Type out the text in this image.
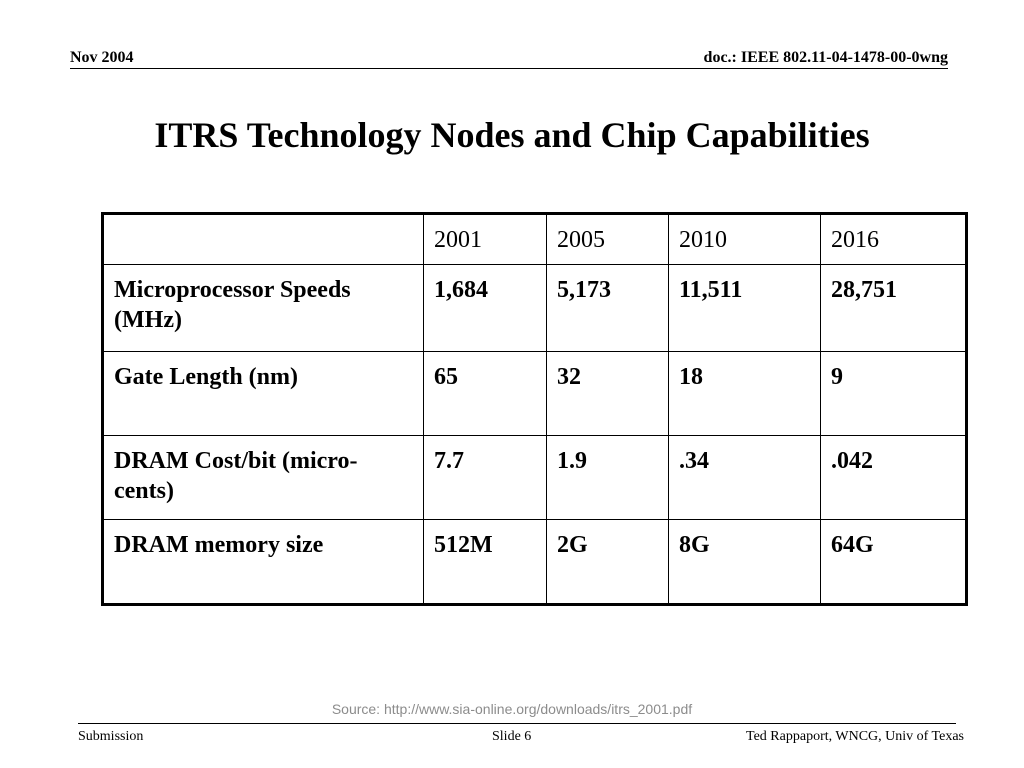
Nov 2004	doc.: IEEE 802.11-04-1478-00-0wng
ITRS Technology Nodes and Chip Capabilities
	2001	2005	2010	2016
Microprocessor Speeds (MHz)	1,684	5,173	11,511	28,751
Gate Length (nm)	65	32	18	9
DRAM Cost/bit (micro-cents)	7.7	1.9	.34	.042
DRAM memory size	512M	2G	8G	64G
Source: http://www.sia-online.org/downloads/itrs_2001.pdf
Submission	Slide 6	Ted Rappaport, WNCG, Univ of Texas
